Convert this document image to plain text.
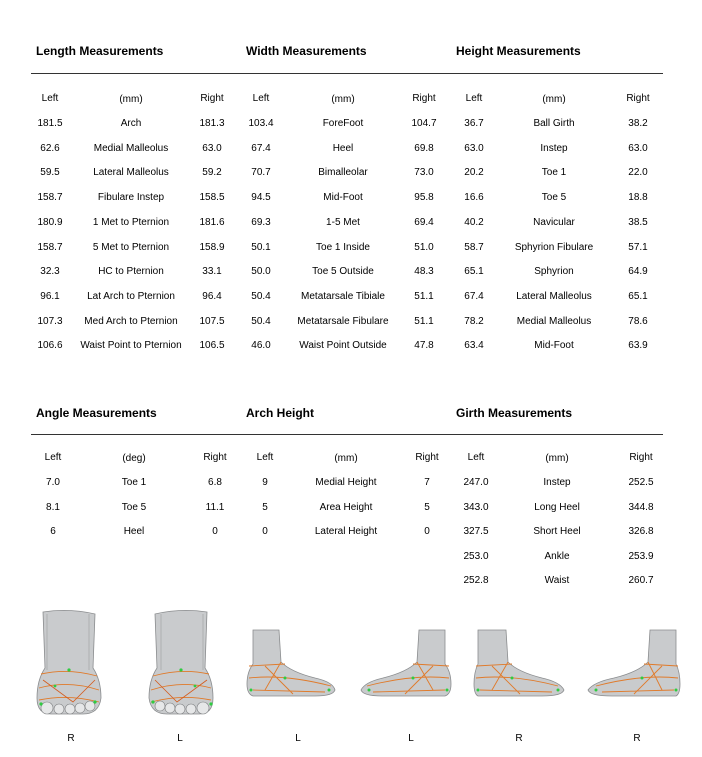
Length Measurements	Width Measurements	Height Measurements
Angle Measurements	Arch Height	Girth Measurements
Left	(mm)	Right
181.5	Arch	181.3
62.6	Medial Malleolus	63.0
59.5	Lateral Malleolus	59.2
158.7	Fibulare Instep	158.5
180.9	1 Met to Pternion	181.6
158.7	5 Met to Pternion	158.9
32.3	HC to Pternion	33.1
96.1	Lat Arch to Pternion	96.4
107.3	Med Arch to Pternion	107.5
106.6	Waist Point to Pternion	106.5
Left	(mm)	Right
103.4	ForeFoot	104.7
67.4	Heel	69.8
70.7	Bimalleolar	73.0
94.5	Mid-Foot	95.8
69.3	1-5 Met	69.4
50.1	Toe 1 Inside	51.0
50.0	Toe 5 Outside	48.3
50.4	Metatarsale Tibiale	51.1
50.4	Metatarsale Fibulare	51.1
46.0	Waist Point Outside	47.8
Left	(mm)	Right
36.7	Ball Girth	38.2
63.0	Instep	63.0
20.2	Toe 1	22.0
16.6	Toe 5	18.8
40.2	Navicular	38.5
58.7	Sphyrion Fibulare	57.1
65.1	Sphyrion	64.9
67.4	Lateral Malleolus	65.1
78.2	Medial Malleolus	78.6
63.4	Mid-Foot	63.9
Left	(deg)	Right
7.0	Toe 1	6.8
8.1	Toe 5	11.1
6	Heel	0
Left	(mm)	Right
9	Medial Height	7
5	Area Height	5
0	Lateral Height	0
Left	(mm)	Right
247.0	Instep	252.5
343.0	Long Heel	344.8
327.5	Short Heel	326.8
253.0	Ankle	253.9
252.8	Waist	260.7
R	L	L	L	R	R
